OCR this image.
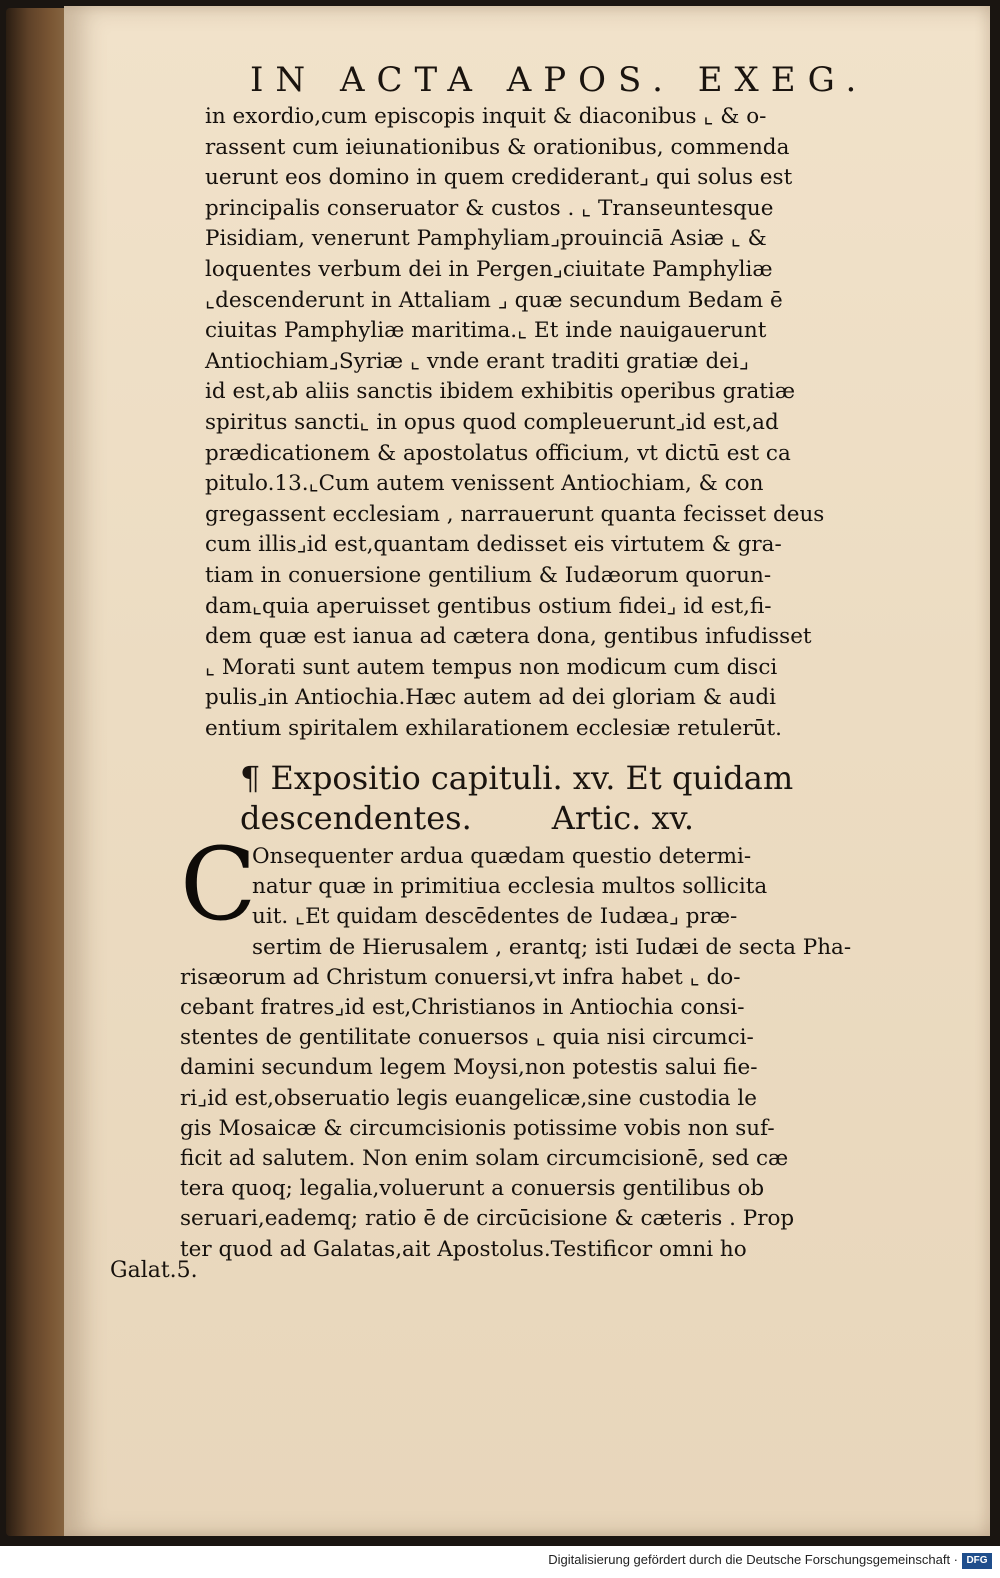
IN ACTA APOS. EXEG.
in exordio,cum episcopis inquit & diaconibus ⌞ & o-
rassent cum ieiunationibus & orationibus, commenda
uerunt eos domino in quem crediderant⌟ qui solus est
principalis conseruator & custos . ⌞ Transeuntesque
Pisidiam, venerunt Pamphyliam⌟prouinciā Asiæ ⌞ &
loquentes verbum dei in Pergen⌟ciuitate Pamphyliæ
⌞descenderunt in Attaliam ⌟ quæ secundum Bedam ē
ciuitas Pamphyliæ maritima.⌞ Et inde nauigauerunt
Antiochiam⌟Syriæ ⌞ vnde erant traditi gratiæ dei⌟
id est,ab aliis sanctis ibidem exhibitis operibus gratiæ
spiritus sancti⌞ in opus quod compleuerunt⌟id est,ad
prædicationem & apostolatus officium, vt dictū est ca
pitulo.13.⌞Cum autem venissent Antiochiam, & con
gregassent ecclesiam , narrauerunt quanta fecisset deus
cum illis⌟id est,quantam dedisset eis virtutem & gra-
tiam in conuersione gentilium & Iudæorum quorun-
dam⌞quia aperuisset gentibus ostium fidei⌟ id est,fi-
dem quæ est ianua ad cætera dona, gentibus infudisset
⌞ Morati sunt autem tempus non modicum cum disci
pulis⌟in Antiochia.Hæc autem ad dei gloriam & audi
entium spiritalem exhilarationem ecclesiæ retulerūt.
¶ Expositio capituli. xv. Et quidam
descendentes.	Artic. xv.
C
Onsequenter ardua quædam questio determi-
natur quæ in primitiua ecclesia multos sollicita
uit. ⌞Et quidam descēdentes de Iudæa⌟ præ-
sertim de Hierusalem , erantq; isti Iudæi de secta Pha-
risæorum ad Christum conuersi,vt infra habet ⌞ do-
cebant fratres⌟id est,Christianos in Antiochia consi-
stentes de gentilitate conuersos ⌞ quia nisi circumci-
damini secundum legem Moysi,non potestis salui fie-
ri⌟id est,obseruatio legis euangelicæ,sine custodia le
gis Mosaicæ & circumcisionis potissime vobis non suf-
ficit ad salutem. Non enim solam circumcisionē, sed cæ
tera quoq; legalia,voluerunt a conuersis gentilibus ob
seruari,eademq; ratio ē de circūcisione & cæteris . Prop
ter quod ad Galatas,ait Apostolus.Testificor omni ho
Galat.5.
Digitalisierung gefördert durch die Deutsche Forschungsgemeinschaft · DFG
